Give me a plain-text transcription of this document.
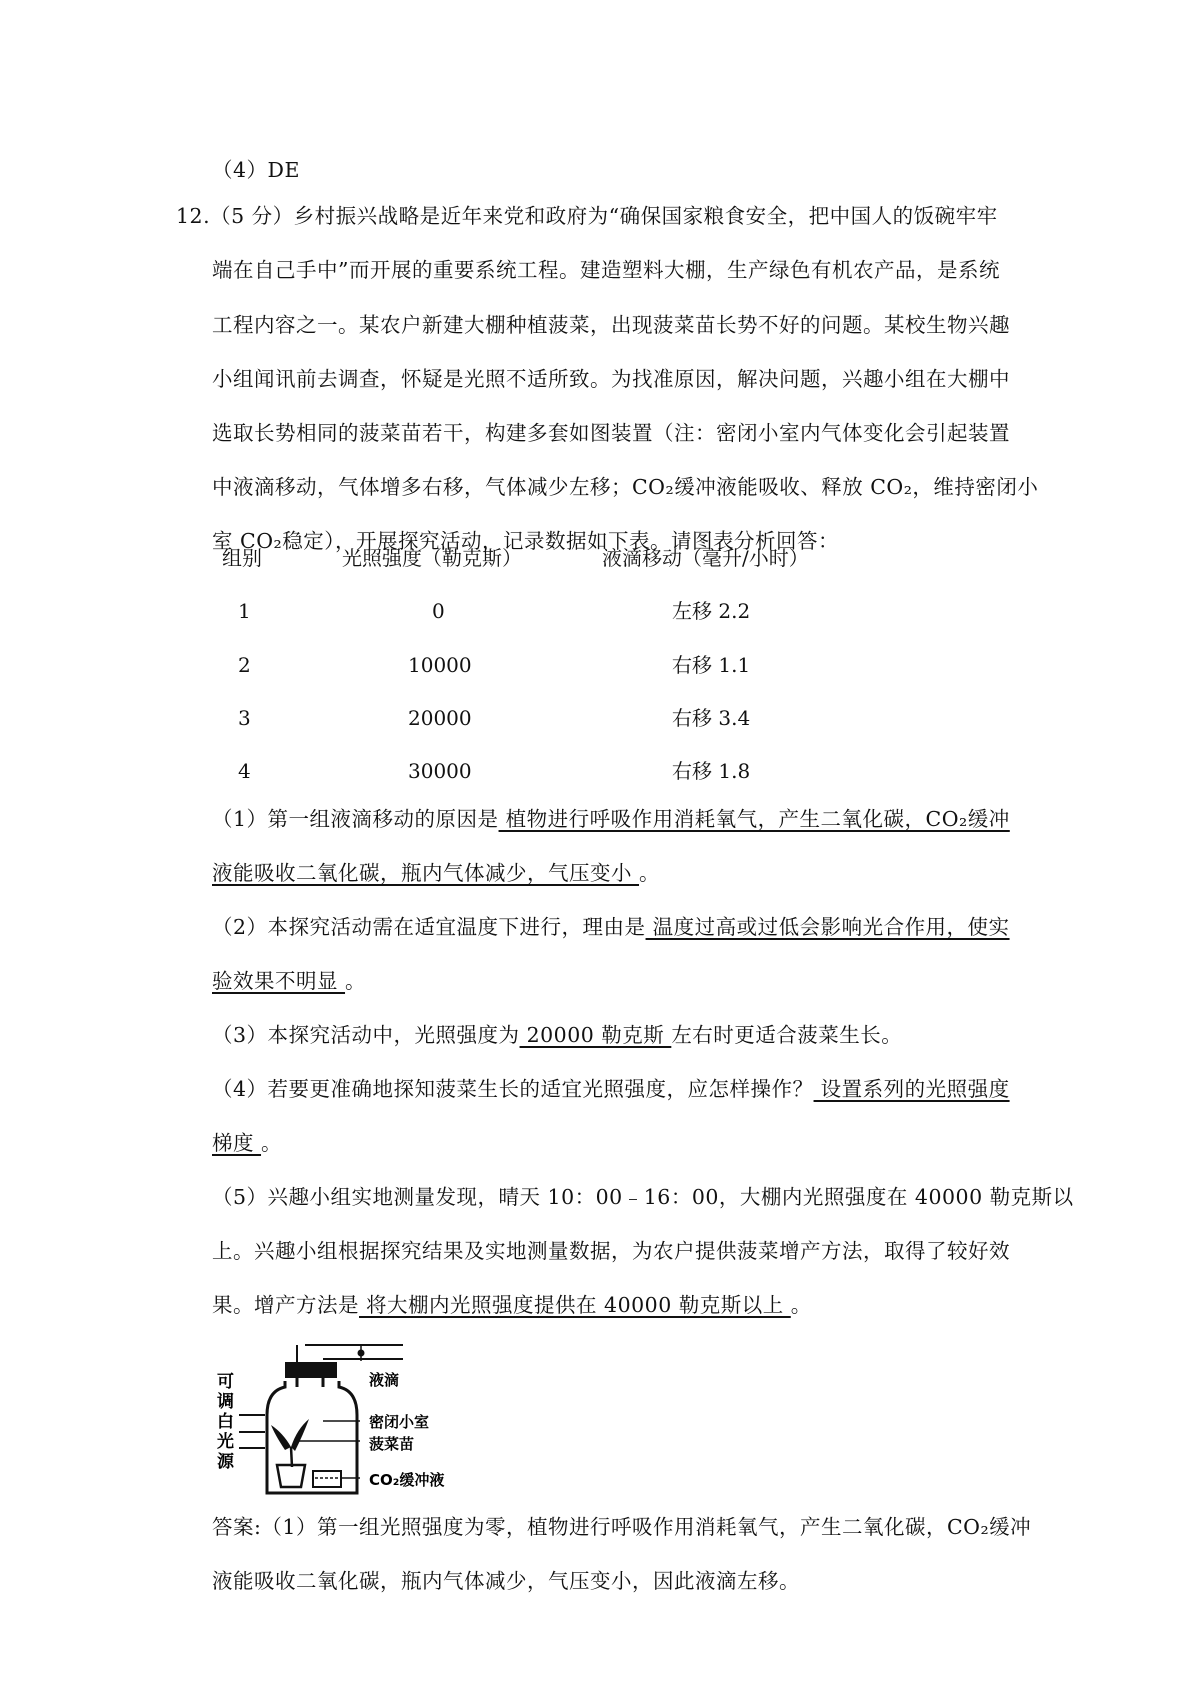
（4）DE
12.（5 分）乡村振兴战略是近年来党和政府为“确保国家粮食安全，把中国人的饭碗牢牢
端在自己手中”而开展的重要系统工程。建造塑料大棚，生产绿色有机农产品，是系统
工程内容之一。某农户新建大棚种植菠菜，出现菠菜苗长势不好的问题。某校生物兴趣
小组闻讯前去调查，怀疑是光照不适所致。为找准原因，解决问题，兴趣小组在大棚中
选取长势相同的菠菜苗若干，构建多套如图装置（注：密闭小室内气体变化会引起装置
中液滴移动，气体增多右移，气体减少左移；CO₂缓冲液能吸收、释放 CO₂，维持密闭小
室 CO₂稳定），开展探究活动，记录数据如下表。请图表分析回答：
组别	光照强度（勒克斯）	液滴移动（毫升/小时）
1	0	左移 2.2
2	10000	右移 1.1
3	20000	右移 3.4
4	30000	右移 1.8
（1）第一组液滴移动的原因是 植物进行呼吸作用消耗氧气，产生二氧化碳，CO₂缓冲
液能吸收二氧化碳，瓶内气体减少，气压变小 。
（2）本探究活动需在适宜温度下进行，理由是 温度过高或过低会影响光合作用，使实
验效果不明显 。
（3）本探究活动中，光照强度为 20000 勒克斯 左右时更适合菠菜生长。
（4）若要更准确地探知菠菜生长的适宜光照强度，应怎样操作？ 设置系列的光照强度
梯度 。
（5）兴趣小组实地测量发现，晴天 10：00﹣16：00，大棚内光照强度在 40000 勒克斯以
上。兴趣小组根据探究结果及实地测量数据，为农户提供菠菜增产方法，取得了较好效
果。增产方法是 将大棚内光照强度提供在 40000 勒克斯以上 。
可
调
白
光
源
液滴
密闭小室
菠菜苗
CO₂缓冲液
答案:（1）第一组光照强度为零，植物进行呼吸作用消耗氧气，产生二氧化碳，CO₂缓冲
液能吸收二氧化碳，瓶内气体减少，气压变小，因此液滴左移。
